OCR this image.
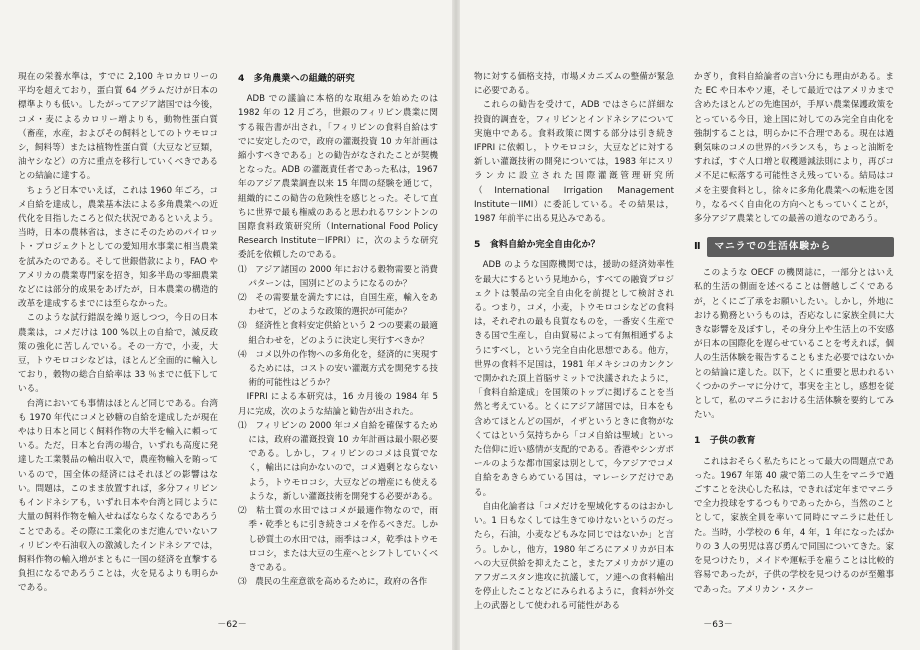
現在の栄養水準は，すでに 2,100 キロカロリーの平均を超えており，蛋白質 64 グラムだけが日本の標準よりも低い。したがってアジア諸国では今後，コメ・麦によるカロリー増よりも，動物性蛋白質（畜産，水産，およびその飼料としてのトウモロコシ，飼料等）または植物性蛋白質（大豆など豆類，油ヤシなど）の方に重点を移行していくべきであるとの結論に達する。

ちょうど日本でいえば，これは 1960 年ごろ，コメ自給を達成し，農業基本法による多角農業への近代化を目指したころと似た状況であるといえよう。当時，日本の農林省は，まさにそのためのパイロット・プロジェクトとしての愛知用水事業に相当農業を試みたのである。そして世銀借款により，FAO やアメリカの農業専門家を招き，知多半島の零細農業などには部分的成果をあげたが，日本農業の構造的改革を達成するまでには至らなかった。

このような試行錯誤を繰り返しつつ，今日の日本農業は，コメだけは 100 %以上の自給で，減反政策の強化に苦しんでいる。その一方で，小麦，大豆，トウモロコシなどは，ほとんど全面的に輸入しており，穀物の総合自給率は 33 ％までに低下している。

台湾においても事情はほとんど同じである。台湾も 1970 年代にコメと砂糖の自給を達成したが現在やはり日本と同じく飼料作物の大半を輸入に頼っている。ただ，日本と台湾の場合，いずれも高度に発達した工業製品の輸出収入で，農産物輸入を賄っているので，国全体の経済にはそれほどの影響はない。問題は，このまま放置すれば，多分フィリピンもインドネシアも，いずれ日本や台湾と同じように大量の飼料作物を輸入せねばならなくなるであろうことである。その際に工業化のまだ進んでいないフィリピンや石油収入の激減したインドネシアでは，飼料作物の輸入増がまともに一国の経済を直撃する負担になるであろうことは，火を見るよりも明らかである。

4　多角農業への組織的研究

ADB での議論に本格的な取組みを始めたのは 1982 年の 12 月ごろ，世銀のフィリピン農業に関する報告書が出され，「フィリピンの食料自給はすでに安定したので，政府の灌漑投資 10 カ年計画は縮小すべきである」との勧告がなされたことが契機となった。ADB の灌漑責任者であった私は，1967 年のアジア農業調査以来 15 年間の経験を通じて，組織的にこの勧告の危険性を感じとった。そして直ちに世界で最も権威のあると思われるワシントンの国際食料政策研究所（International Food Policy Research Institute－IFPRI）に，次のような研究委託を依頼したのである。

⑴　アジア諸国の 2000 年における穀物需要と消費パターンは，国別にどのようになるのか？

⑵　その需要量を満たすには，自国生産，輸入をあわせて，どのような政策的選択が可能か？

⑶　経済性と食料安定供給という 2 つの要素の最適組合わせを，どのように決定し実行すべきか？

⑷　コメ以外の作物への多角化を，経済的に実現するためには，コストの安い灌漑方式を開発する技術的可能性はどうか？

IFPRI による本研究は，16 カ月後の 1984 年 5 月に完成，次のような結論と勧告が出された。

⑴　フィリピンの 2000 年コメ自給を確保するためには，政府の灌漑投資 10 カ年計画は最小限必要である。しかし，フィリピンのコメは良質でなく，輸出には向かないので，コメ過剰とならないよう，トウモロコシ，大豆などの増産にも使えるような，新しい灌漑技術を開発する必要がある。

⑵　粘土質の水田ではコメが最適作物なので，雨季・乾季ともに引き続きコメを作るべきだ。しかし砂質土の水田では，雨季はコメ，乾季はトウモロコシ，または大豆の生産へとシフトしていくべきである。

⑶　農民の生産意欲を高めるために，政府の各作

－62－

物に対する価格支持，市場メカニズムの整備が緊急に必要である。

これらの勧告を受けて，ADB ではさらに詳細な投資的調査を，フィリピンとインドネシアについて実施中である。食料政策に関する部分は引き続き IFPRI に依頼し，トウモロコシ，大豆などに対する新しい灌漑技術の開発については，1983 年にスリランカに設立された国際灌漑管理研究所（International Irrigation Management Institute－IIMI）に委託している。その結果は，1987 年前半に出る見込みである。

5　食料自給か完全自由化か？

ADB のような国際機関では，援助の経済効率性を最大にするという見地から，すべての融資プロジェクトは製品の完全自由化を前提として検討される。つまり，コメ，小麦，トウモロコシなどの食料は，それぞれの最も良質なものを，一番安く生産できる国で生産し，自由貿易によって有無相通ずるようにすべし，という完全自由化思想である。他方，世界の食料不足国は，1981 年メキシコのカンクンで開かれた頂上首脳サミットで決議されたように，「食料自給達成」を国策のトップに掲げることを当然と考えている。とくにアジア諸国では，日本をも含めてほとんどの国が，イザというときに食物がなくてはという気持ちから「コメ自給は聖域」といった信仰に近い感情が支配的である。香港やシンガポールのような都市国家は別として，今アジアでコメ自給をあきらめている国は，マレーシアだけである。

自由化論者は「コメだけを聖域化するのはおかしい。1 日もなくしては生きてゆけないというのだったら，石油，小麦などもみな同じではないか」と言う。しかし，他方，1980 年ごろにアメリカが日本への大豆供給を抑えたこと，またアメリカがソ連のアフガニスタン進攻に抗議して，ソ連への食料輸出を停止したことなどにみられるように，食料が外交上の武器として使われる可能性がある

かぎり，食料自給論者の言い分にも理由がある。また EC や日本やソ連，そして最近ではアメリカまで含めたほとんどの先進国が，手厚い農業保護政策をとっている今日，途上国に対してのみ完全自由化を強制することは，明らかに不合理である。現在は過剰気味のコメの世界的バランスも，ちょっと油断をすれば，すぐ人口増と収穫逓減法則により，再びコメ不足に転落する可能性さえ残っている。結局はコメを主要食料とし，徐々に多角化農業への転進を図り，なるべく自由化の方向へともっていくことが，多分アジア農業としての最善の道なのであろう。

Ⅱ	マニラでの生活体験から

このような OECF の機関誌に，一部分とはいえ私的生活の側面を述べることは僭越しごくであるが，とくにご了承をお願いしたい。しかし，外地における勤務というものは，否応なしに家族全員に大きな影響を及ぼすし，その身分上や生活上の不安感が日本の国際化を遅らせていることを考えれば，個人の生活体験を報告することもまた必要ではないかとの結論に達した。以下，とくに重要と思われるいくつかのテーマに分けて，事実を主とし，感想を従として，私のマニラにおける生活体験を要約してみたい。

1　子供の教育

これはおそらく私たちにとって最大の問題点であった。1967 年第 40 歳で第二の人生をマニラで過ごすことを決心した私は，できれば定年までマニラで全力投球をするつもりであったから，当然のこととして，家族全員を率いて同時にマニラに赴任した。当時，小学校の 6 年，4 年，1 年になったばかりの 3 人の男児は喜び勇んで同国についてきた。家を見つけたり，メイドや運転手を雇うことは比較的容易であったが，子供の学校を見つけるのが至難事であった。アメリカン・スクー

－63－
